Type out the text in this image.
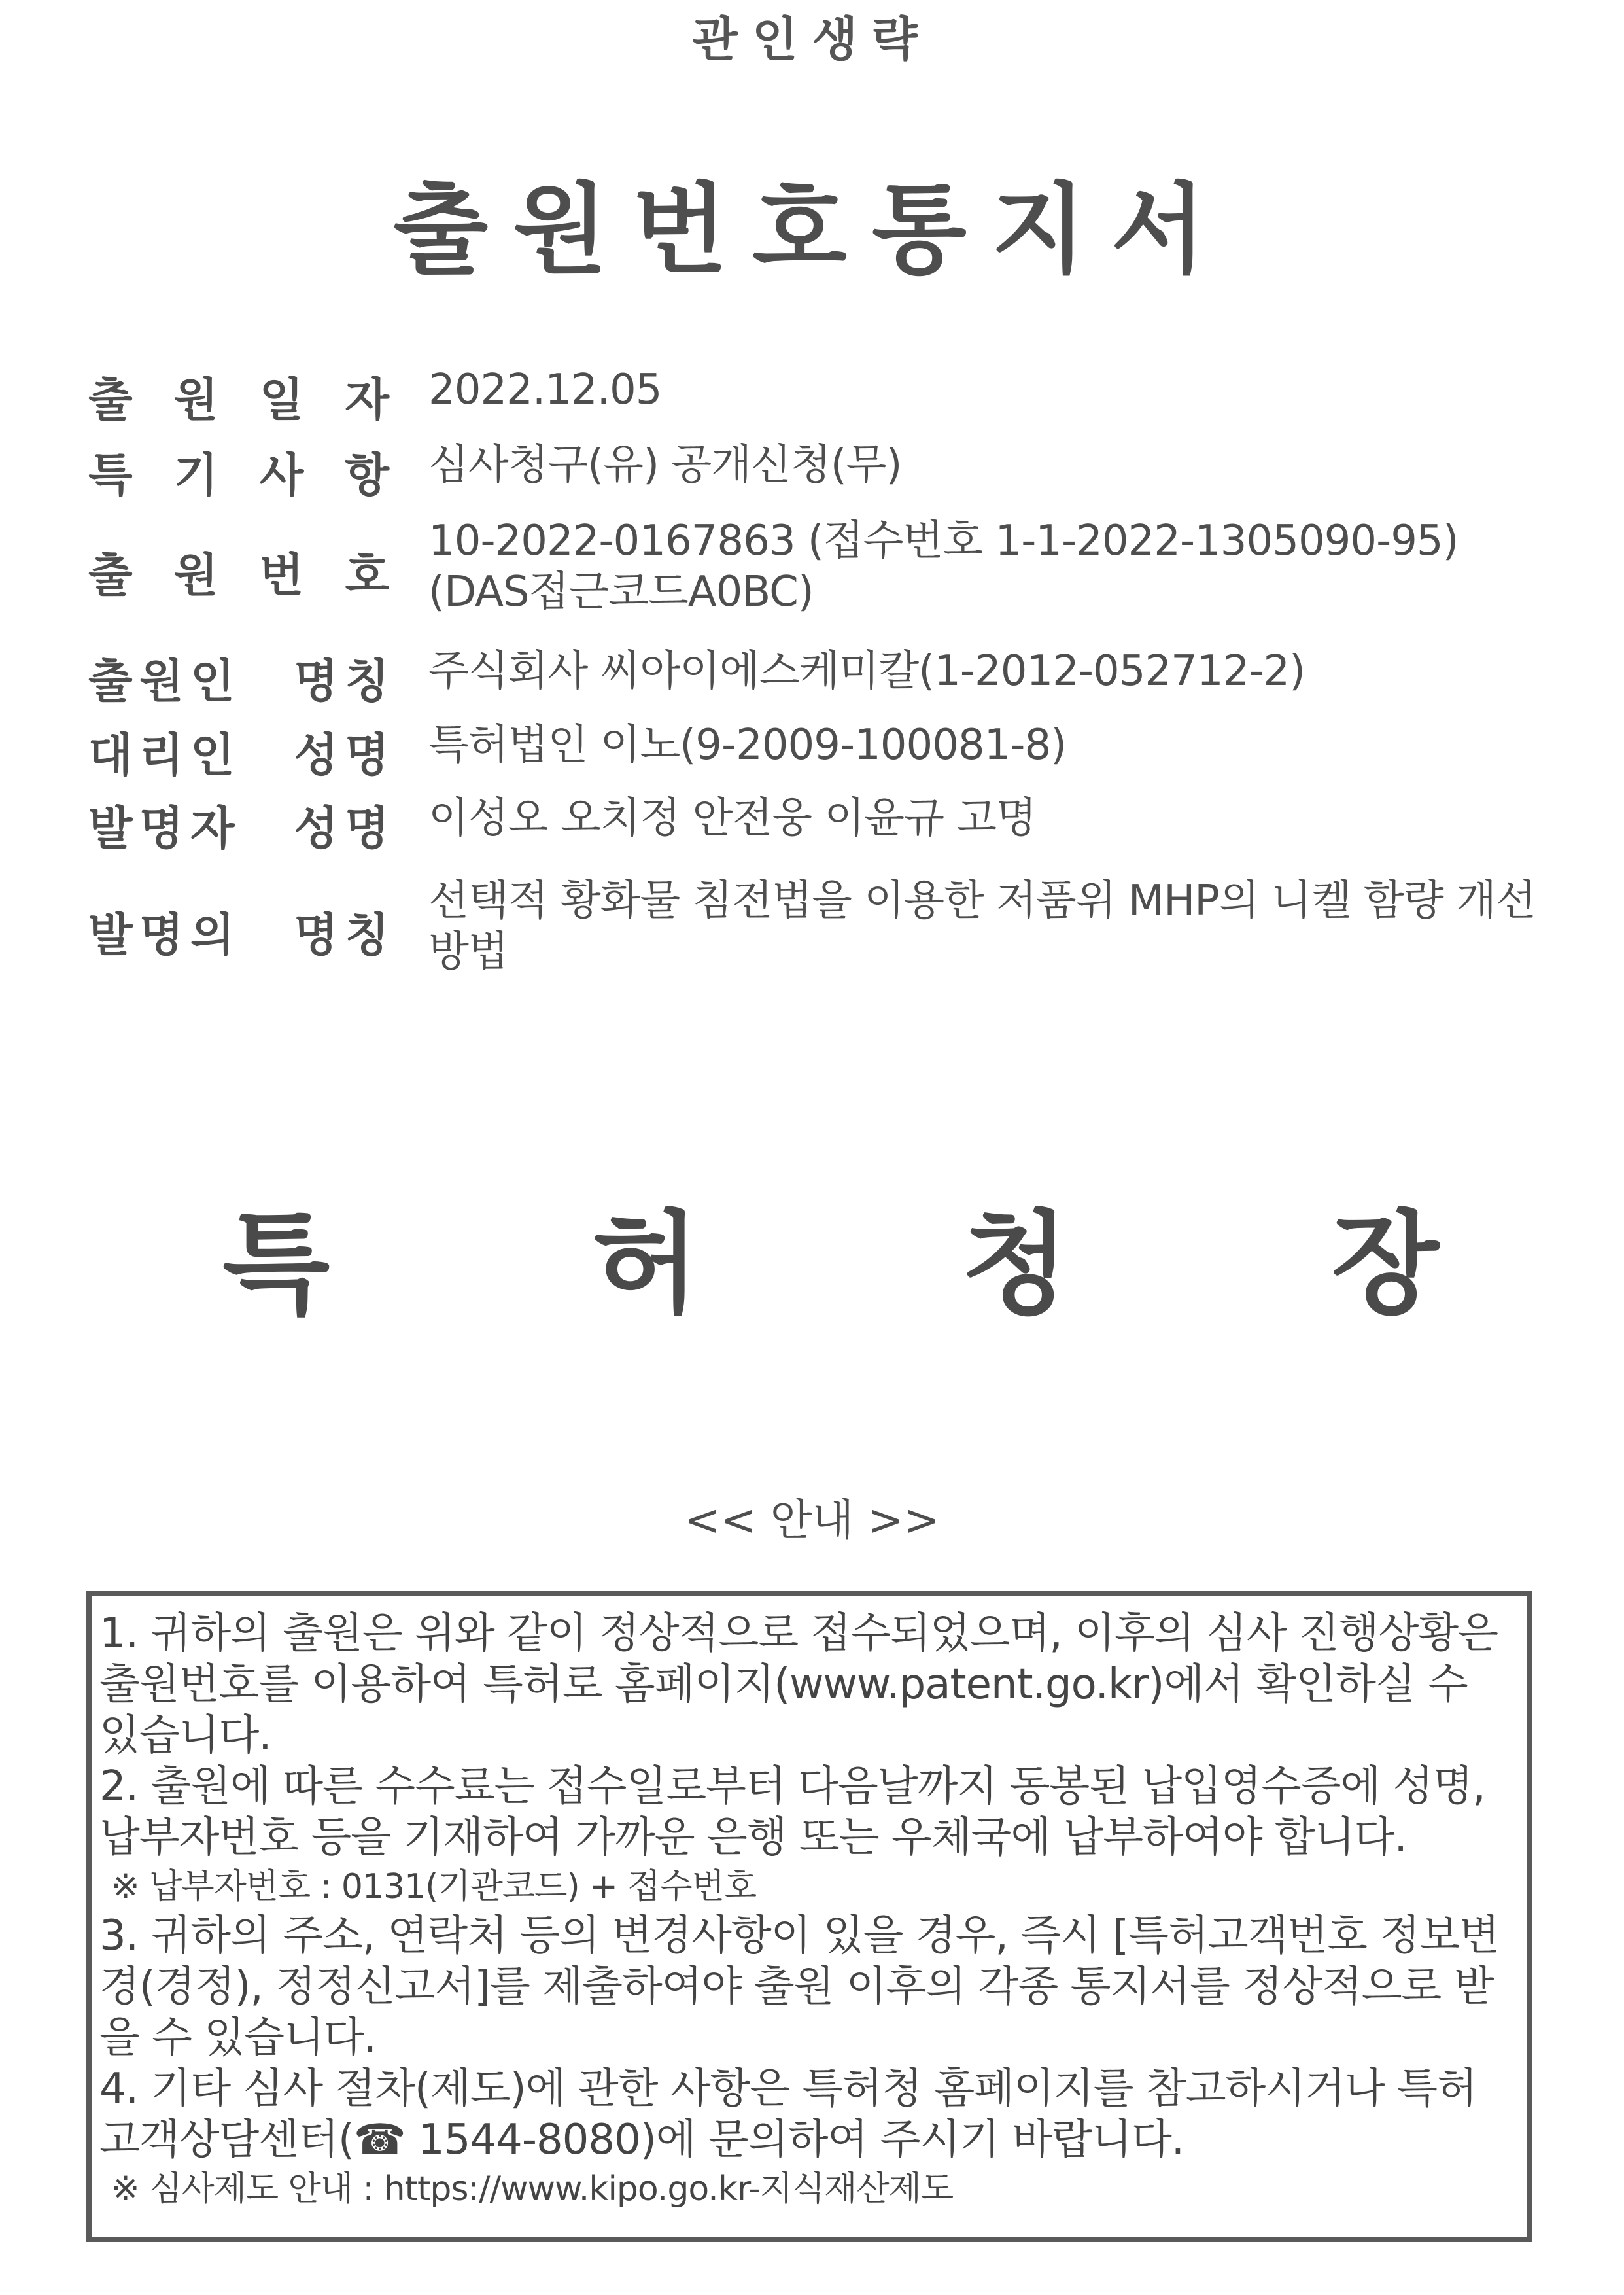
관인생략
출원번호통지서
출 원 일 자 2022.12.05
특 기 사 항 심사청구(유) 공개신청(무)
출 원 번 호
10-2022-0167863 (접수번호 1-1-2022-1305090-95) (DAS접근코드A0BC)
출 원 인 명 칭 주식회사 씨아이에스케미칼(1-2012-052712-2)
대 리 인 성 명 특허법인 이노(9-2009-100081-8)
발 명 자 성 명 이성오 오치정 안전웅 이윤규 고명
발 명 의 명 칭
선택적 황화물 침전법을 이용한 저품위 MHP의 니켈 함량 개선방법
특 허 청 장
<< 안내 >>

1. 귀하의 출원은 위와 같이 정상적으로 접수되었으며, 이후의 심사 진행상황은 출원번호를 이용하여 특허로 홈페이지(www.patent.go.kr)에서 확인하실 수 있습니다.

2. 출원에 따른 수수료는 접수일로부터 다음날까지 동봉된 납입영수증에 성명, 납부자번호 등을 기재하여 가까운 은행 또는 우체국에 납부하여야 합니다.

※ 납부자번호 : 0131(기관코드) + 접수번호

3. 귀하의 주소, 연락처 등의 변경사항이 있을 경우, 즉시 [특허고객번호 정보변경(경정), 정정신고서]를 제출하여야 출원 이후의 각종 통지서를 정상적으로 받을 수 있습니다.

4. 기타 심사 절차(제도)에 관한 사항은 특허청 홈페이지를 참고하시거나 특허고객상담센터(☎ 1544-8080)에 문의하여 주시기 바랍니다.

※ 심사제도 안내 : https://www.kipo.go.kr-지식재산제도
